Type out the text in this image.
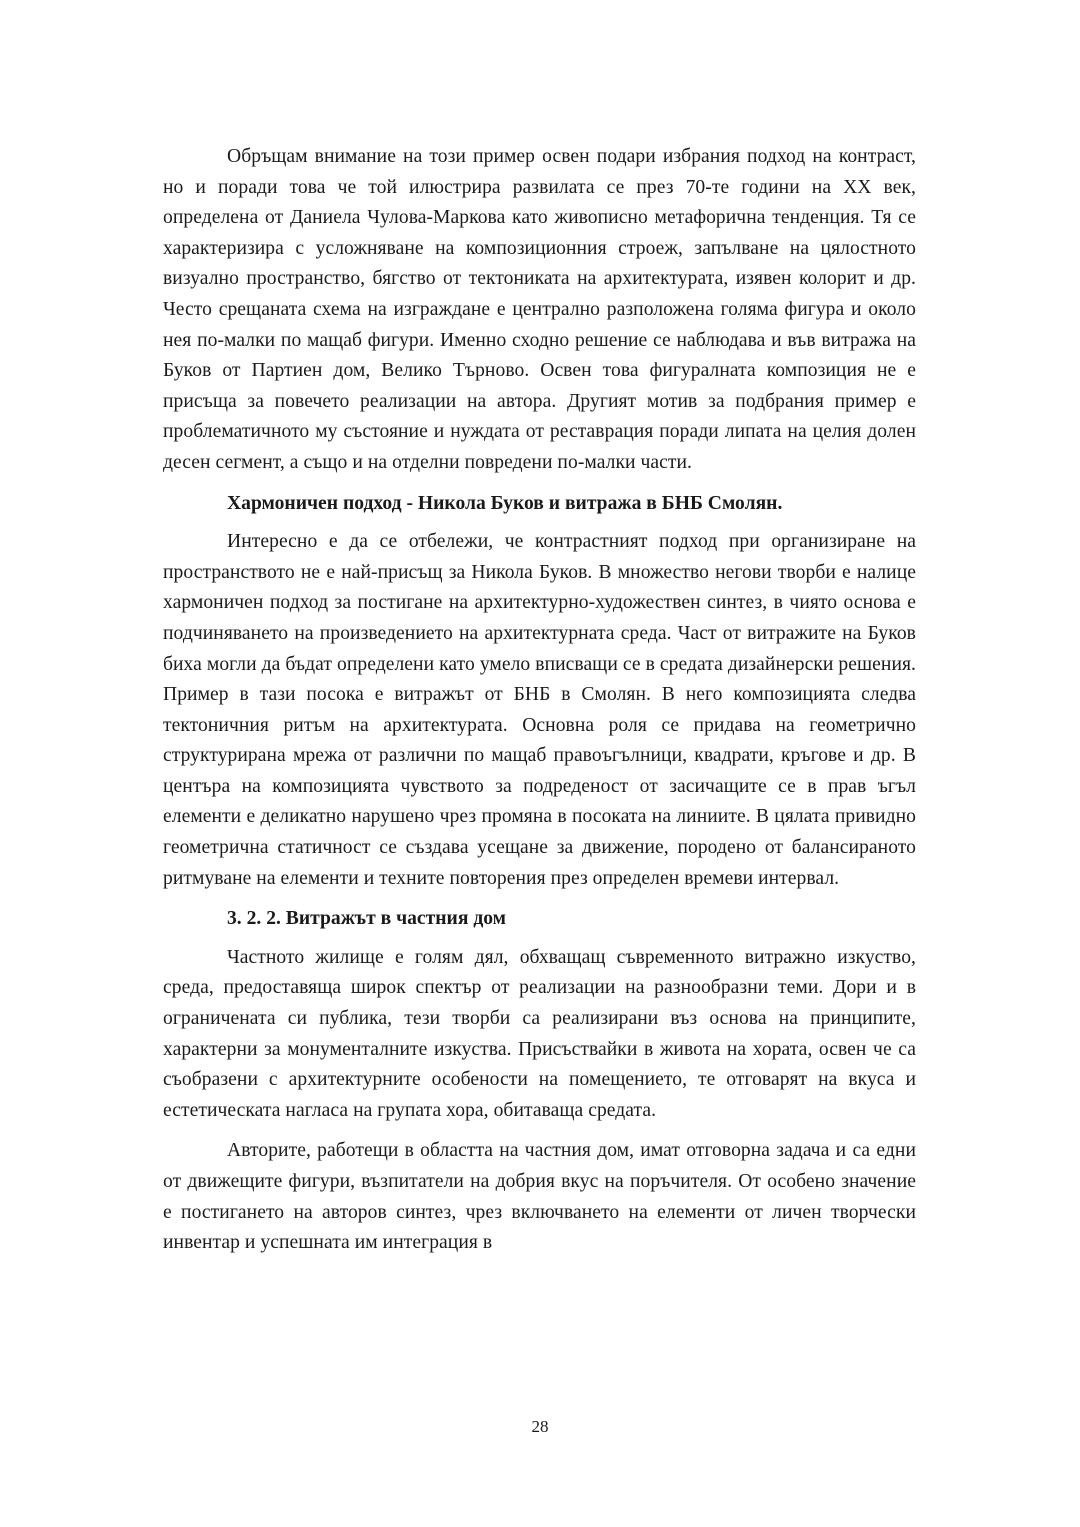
Обръщам внимание на този пример освен подари избрания подход на контраст, но и поради това че той илюстрира развилата се през 70-те години на XX век, определена от Даниела Чулова-Маркова като живописно метафорична тенденция. Тя се характеризира с усложняване на композиционния строеж, запълване на цялостното визуално пространство, бягство от тектониката на архитектурата, изявен колорит и др. Често срещаната схема на изграждане е централно разположена голяма фигура и около нея по-малки по мащаб фигури. Именно сходно решение се наблюдава и във витража на Буков от Партиен дом, Велико Търново. Освен това фигуралната композиция не е присъща за повечето реализации на автора. Другият мотив за подбрания пример е проблематичното му състояние и нуждата от реставрация поради липата на целия долен десен сегмент, а също и на отделни повредени по-малки части.

Хармоничен подход - Никола Буков и витража в БНБ Смолян.

Интересно е да се отбележи, че контрастният подход при организиране на пространството не е най-присъщ за Никола Буков. В множество негови творби е налице хармоничен подход за постигане на архитектурно-художествен синтез, в чиято основа е подчиняването на произведението на архитектурната среда. Част от витражите на Буков биха могли да бъдат определени като умело вписващи се в средата дизайнерски решения. Пример в тази посока е витражът от БНБ в Смолян. В него композицията следва тектоничния ритъм на архитектурата. Основна роля се придава на геометрично структурирана мрежа от различни по мащаб правоъгълници, квадрати, кръгове и др. В центъра на композицията чувството за подреденост от засичащите се в прав ъгъл елементи е деликатно нарушено чрез промяна в посоката на линиите. В цялата привидно геометрична статичност се създава усещане за движение, породено от балансираното ритмуване на елементи и техните повторения през определен времеви интервал.

3. 2. 2. Витражът в частния дом

Частното жилище е голям дял, обхващащ съвременното витражно изкуство, среда, предоставяща широк спектър от реализации на разнообразни теми. Дори и в ограничената си публика, тези творби са реализирани въз основа на принципите, характерни за монументалните изкуства. Присъствайки в живота на хората, освен че са съобразени с архитектурните особености на помещението, те отговарят на вкуса и естетическата нагласа на групата хора, обитаваща средата.

Авторите, работещи в областта на частния дом, имат отговорна задача и са едни от движещите фигури, възпитатели на добрия вкус на поръчителя. От особено значение е постигането на авторов синтез, чрез включването на елементи от личен творчески инвентар и успешната им интеграция в

28
